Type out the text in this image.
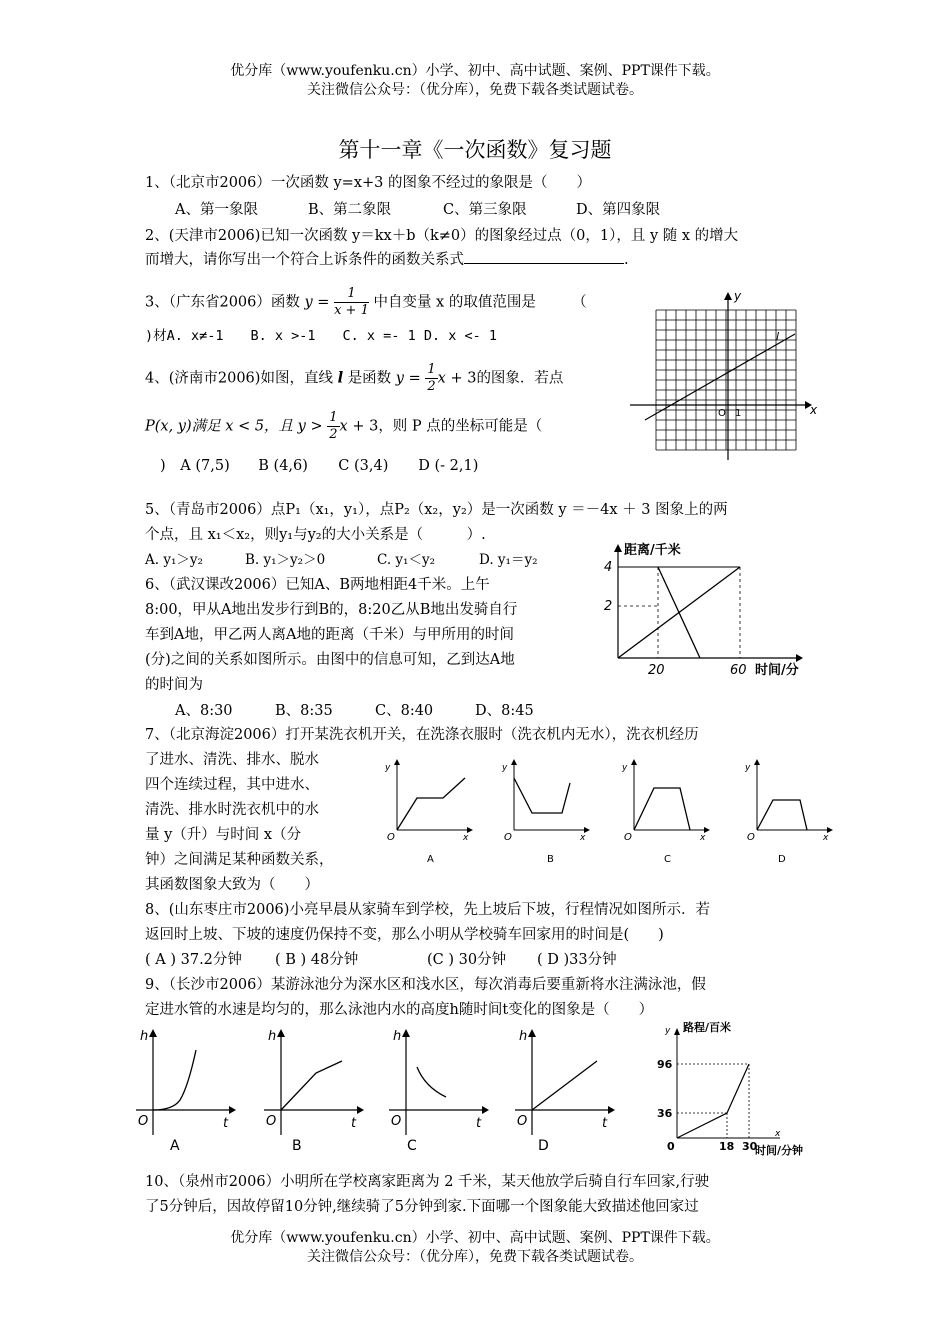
优分库（www.youfenku.cn）小学、初中、高中试题、案例、PPT课件下载。
关注微信公众号：（优分库），免费下载各类试题试卷。
第十一章《一次函数》复习题
1、（北京市2006）一次函数 y=x+3 的图象不经过的象限是（　　）
A、第一象限	B、第二象限	C、第三象限	D、第四象限
2、(天津市2006)已知一次函数 y＝kx＋b（k≠0）的图象经过点（0，1），且 y 随 x 的增大
而增大，请你写出一个符合上诉条件的函数关系式	.
3、（广东省2006）函数 $y = \frac{1}{x + 1}$ 中自变量 x 的取值范围是　　　（
)材A. x≠-1　　B. x >-1　　C. x =- 1 D. x <- 1
4、(济南市2006)如图，直线 l 是函数 $y = \frac{1}{2}$ x + 3的图象．若点
P(x, y)满足 x < 5，且 $y > \frac{1}{2}$ x + 3，则 P 点的坐标可能是（
) A (7,5) B (4,6) C (3,4) D (- 2,1)
y
x
l
O 1
5、（青岛市2006）点P₁（x₁，y₁），点P₂（x₂，y₂）是一次函数 y ＝－4x ＋ 3 图象上的两
个点，且 x₁＜x₂，则y₁与y₂的大小关系是（　　　）.
A. y₁＞y₂	B. y₁＞y₂＞0	C. y₁＜y₂	D. y₁＝y₂
6、（武汉课改2006）已知A、B两地相距4千米。上午
8:00，甲从A地出发步行到B的，8:20乙从B地出发骑自行
车到A地，甲乙两人离A地的距离（千米）与甲所用的时间
(分)之间的关系如图所示。由图中的信息可知，乙到达A地
的时间为
A、8:30	B、8:35	C、8:40	D、8:45
距离/千米
4
2
20	60 时间/分
7、（北京海淀2006）打开某洗衣机开关，在洗涤衣服时（洗衣机内无水），洗衣机经历
了进水、清洗、排水、脱水
四个连续过程，其中进水、
清洗、排水时洗衣机中的水
量 y（升）与时间 x（分
钟）之间满足某种函数关系，
其函数图象大致为（　　）
y
O	x
A
y
O	x
B
y
O	x
C
y
O	x
D
8、(山东枣庄市2006)小亮早晨从家骑车到学校，先上坡后下坡，行程情况如图所示．若
返回时上坡、下坡的速度仍保持不变，那么小明从学校骑车回家用的时间是(　　)
( A ) 37.2分钟 ( B ) 48分钟	(C ) 30分钟 ( D )33分钟
9、（长沙市2006）某游泳池分为深水区和浅水区，每次消毒后要重新将水注满泳池，假
定进水管的水速是均匀的，那么泳池内水的高度h随时间t变化的图象是（　　）
h
O	t
A
h
O	t
B
h
O	t
C
h
O	t
D
y 路程/百米
96
36
0	18 30
x
时间/分钟
10、（泉州市2006）小明所在学校离家距离为 2 千米，某天他放学后骑自行车回家,行驶
了5分钟后，因故停留10分钟,继续骑了5分钟到家.下面哪一个图象能大致描述他回家过
优分库（www.youfenku.cn）小学、初中、高中试题、案例、PPT课件下载。
关注微信公众号：（优分库），免费下载各类试题试卷。
